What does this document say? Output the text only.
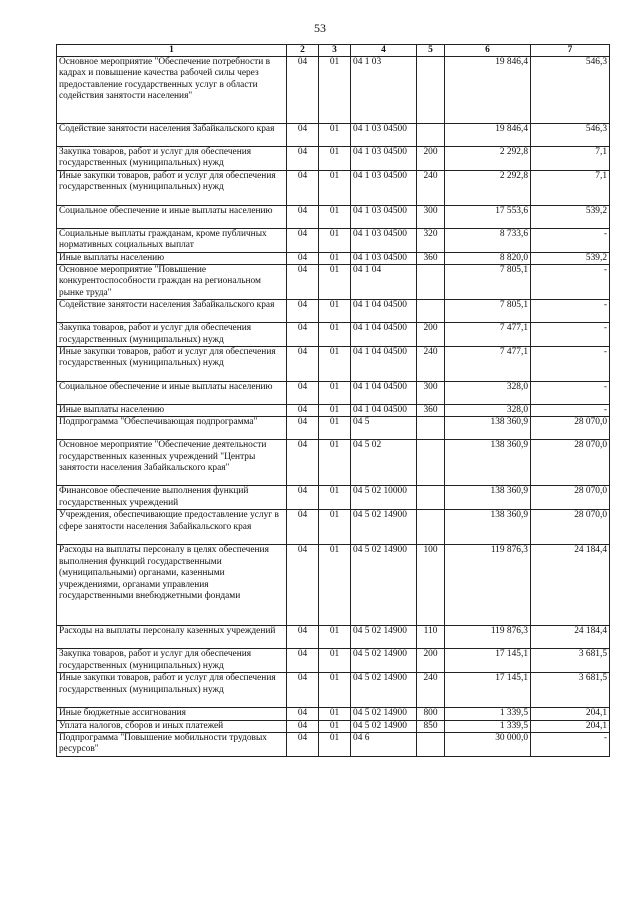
53
1	2	3	4	5	6	7
Основное мероприятие "Обеспечение потребности в кадрах и повышение качества рабочей силы через предоставление государственных услуг в области содействия занятости населения"	04	01	04 1 03		19 846,4	546,3
Содействие занятости населения Забайкальского края	04	01	04 1 03 04500		19 846,4	546,3
Закупка товаров, работ и услуг для обеспечения государственных (муниципальных) нужд	04	01	04 1 03 04500	200	2 292,8	7,1
Иные закупки товаров, работ и услуг для обеспечения государственных (муниципальных) нужд	04	01	04 1 03 04500	240	2 292,8	7,1
Социальное обеспечение и иные выплаты населению	04	01	04 1 03 04500	300	17 553,6	539,2
Социальные выплаты гражданам, кроме публичных нормативных социальных выплат	04	01	04 1 03 04500	320	8 733,6	-
Иные выплаты населению	04	01	04 1 03 04500	360	8 820,0	539,2
Основное мероприятие "Повышение конкурентоспособности граждан на региональном рынке труда"	04	01	04 1 04		7 805,1	-
Содействие занятости населения Забайкальского края	04	01	04 1 04 04500		7 805,1	-
Закупка товаров, работ и услуг для обеспечения государственных (муниципальных) нужд	04	01	04 1 04 04500	200	7 477,1	-
Иные закупки товаров, работ и услуг для обеспечения государственных (муниципальных) нужд	04	01	04 1 04 04500	240	7 477,1	-
Социальное обеспечение и иные выплаты населению	04	01	04 1 04 04500	300	328,0	-
Иные выплаты населению	04	01	04 1 04 04500	360	328,0	-
Подпрограмма "Обеспечивающая подпрограмма"	04	01	04 5		138 360,9	28 070,0
Основное мероприятие "Обеспечение деятельности государственных казенных учреждений "Центры занятости населения Забайкальского края"	04	01	04 5 02		138 360,9	28 070,0
Финансовое обеспечение выполнения функций государственных учреждений	04	01	04 5 02 10000		138 360,9	28 070,0
Учреждения, обеспечивающие предоставление услуг в сфере занятости населения Забайкальского края	04	01	04 5 02 14900		138 360,9	28 070,0
Расходы на выплаты персоналу в целях обеспечения выполнения функций государственными (муниципальными) органами, казенными учреждениями, органами управления государственными внебюджетными фондами	04	01	04 5 02 14900	100	119 876,3	24 184,4
Расходы на выплаты персоналу казенных учреждений	04	01	04 5 02 14900	110	119 876,3	24 184,4
Закупка товаров, работ и услуг для обеспечения государственных (муниципальных) нужд	04	01	04 5 02 14900	200	17 145,1	3 681,5
Иные закупки товаров, работ и услуг для обеспечения государственных (муниципальных) нужд	04	01	04 5 02 14900	240	17 145,1	3 681,5
Иные бюджетные ассигнования	04	01	04 5 02 14900	800	1 339,5	204,1
Уплата налогов, сборов и иных платежей	04	01	04 5 02 14900	850	1 339,5	204,1
Подпрограмма "Повышение мобильности трудовых ресурсов"	04	01	04 6		30 000,0	-
